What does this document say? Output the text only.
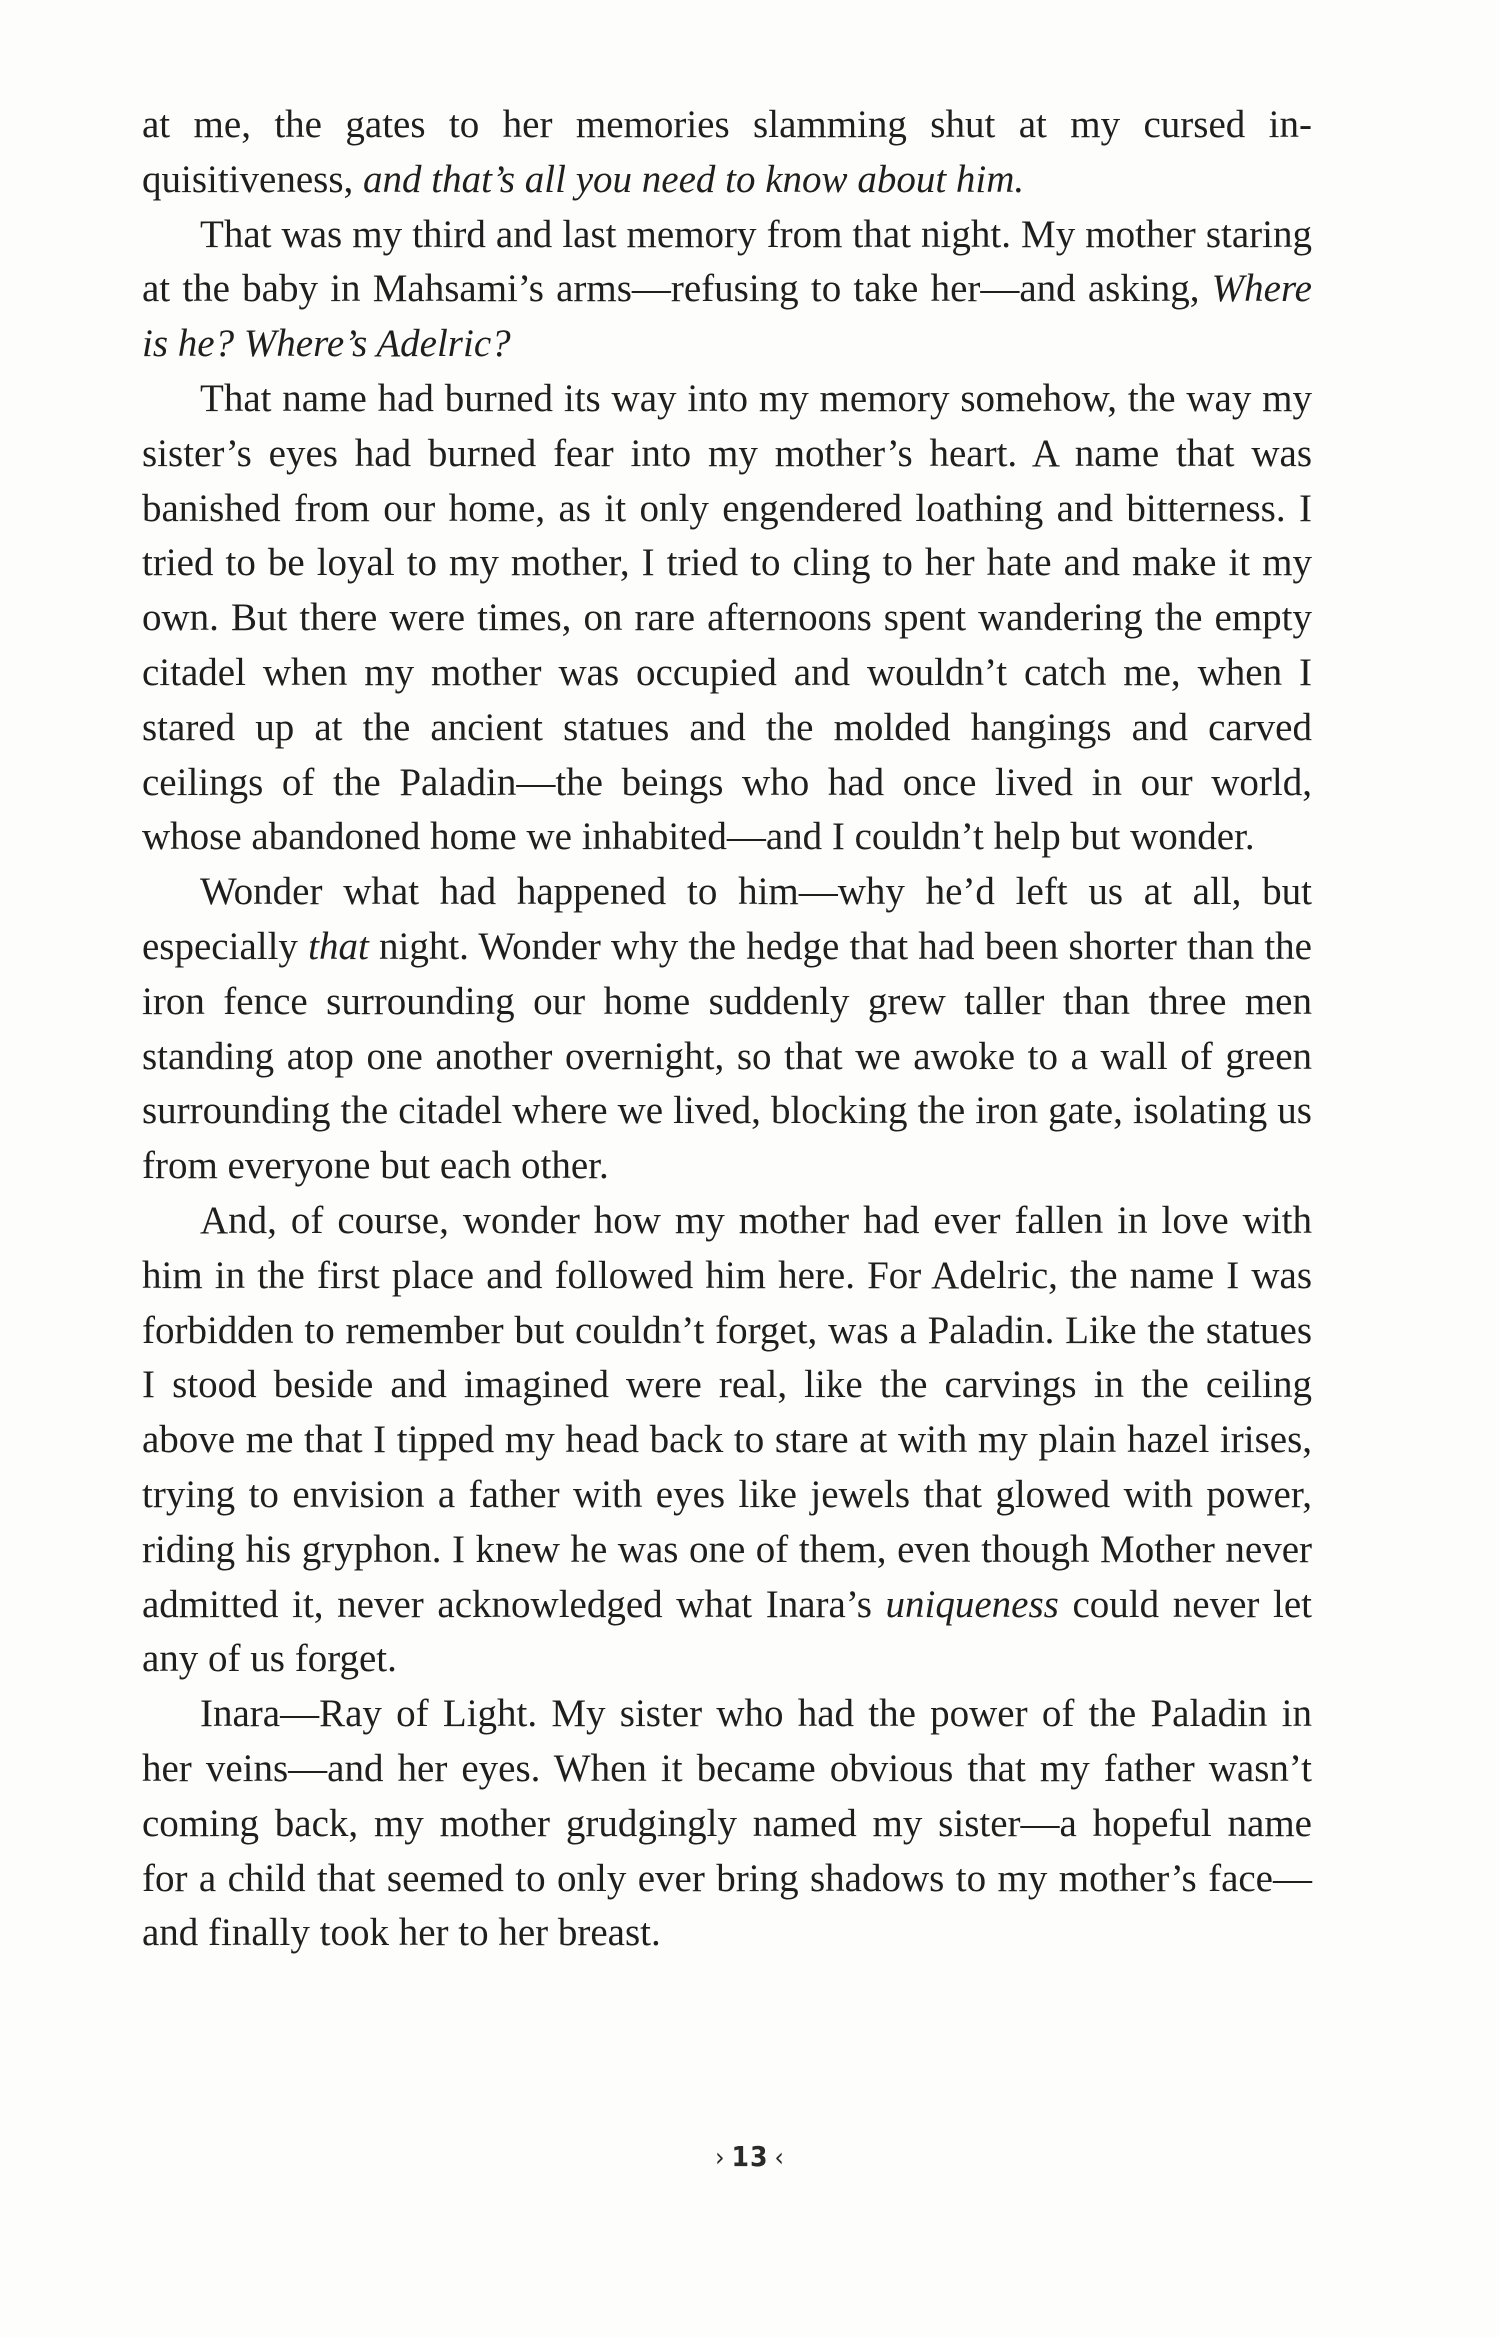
at me, the gates to her memories slamming shut at my cursed inquisitiveness, and that’s all you need to know about him.

That was my third and last memory from that night. My mother staring at the baby in Mahsami’s arms—refusing to take her—and asking, Where is he? Where’s Adelric?

That name had burned its way into my memory somehow, the way my sister’s eyes had burned fear into my mother’s heart. A name that was banished from our home, as it only engendered loathing and bitterness. I tried to be loyal to my mother, I tried to cling to her hate and make it my own. But there were times, on rare afternoons spent wandering the empty citadel when my mother was occupied and wouldn’t catch me, when I stared up at the ancient statues and the molded hangings and carved ceilings of the Paladin—the beings who had once lived in our world, whose abandoned home we inhabited—and I couldn’t help but wonder.

Wonder what had happened to him—why he’d left us at all, but especially that night. Wonder why the hedge that had been shorter than the iron fence surrounding our home suddenly grew taller than three men standing atop one another overnight, so that we awoke to a wall of green surrounding the citadel where we lived, blocking the iron gate, isolating us from everyone but each other.

And, of course, wonder how my mother had ever fallen in love with him in the first place and followed him here. For Adelric, the name I was forbidden to remember but couldn’t forget, was a Paladin. Like the statues I stood beside and imagined were real, like the carvings in the ceiling above me that I tipped my head back to stare at with my plain hazel irises, trying to envision a father with eyes like jewels that glowed with power, riding his gryphon. I knew he was one of them, even though Mother never admitted it, never acknowledged what Inara’s uniqueness could never let any of us forget.

Inara—Ray of Light. My sister who had the power of the Paladin in her veins—and her eyes. When it became obvious that my father wasn’t coming back, my mother grudgingly named my sister—a hopeful name for a child that seemed to only ever bring shadows to my mother’s face—and finally took her to her breast.

› 13 ‹
